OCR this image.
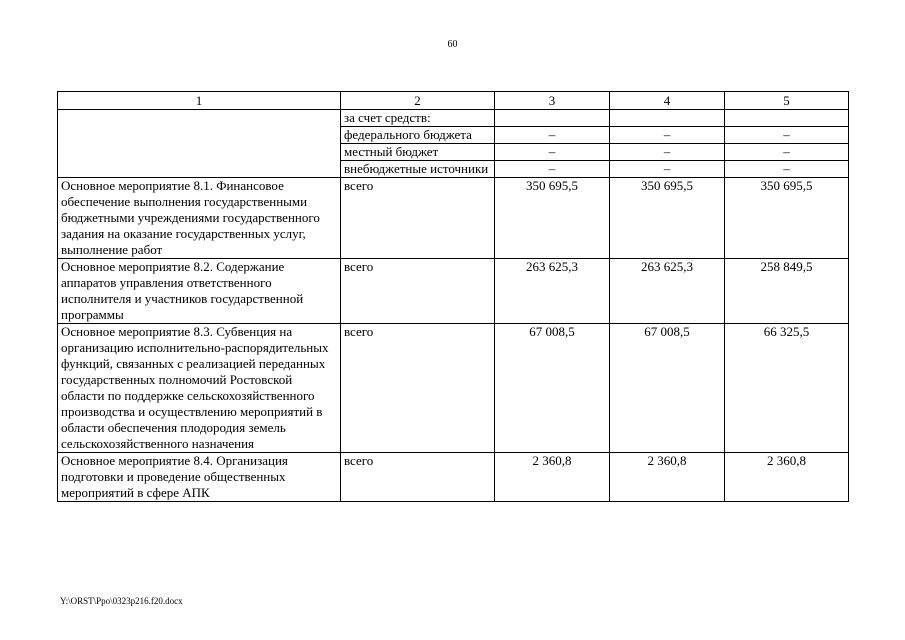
60
1	2	3	4	5
	за счет средств:			
	федерального бюджета	–	–	–
	местный бюджет	–	–	–
	внебюджетные источники	–	–	–
Основное мероприятие 8.1. Финансовое обеспечение выполнения государственными бюджетными учреждениями государственного задания на оказание государственных услуг, выполнение работ	всего	350 695,5	350 695,5	350 695,5
Основное мероприятие 8.2. Содержание аппаратов управления ответственного исполнителя и участников государственной программы	всего	263 625,3	263 625,3	258 849,5
Основное мероприятие 8.3. Субвенция на организацию исполнительно-распорядительных функций, связанных с реализацией переданных государственных полномочий Ростовской области по поддержке сельскохозяйственного производства и осуществлению мероприятий в области обеспечения плодородия земель сельскохозяйственного назначения	всего	67 008,5	67 008,5	66 325,5
Основное мероприятие 8.4. Организация подготовки и проведение общественных мероприятий в сфере АПК	всего	2 360,8	2 360,8	2 360,8
Y:\ORST\Ppo\0323p216.f20.docx
